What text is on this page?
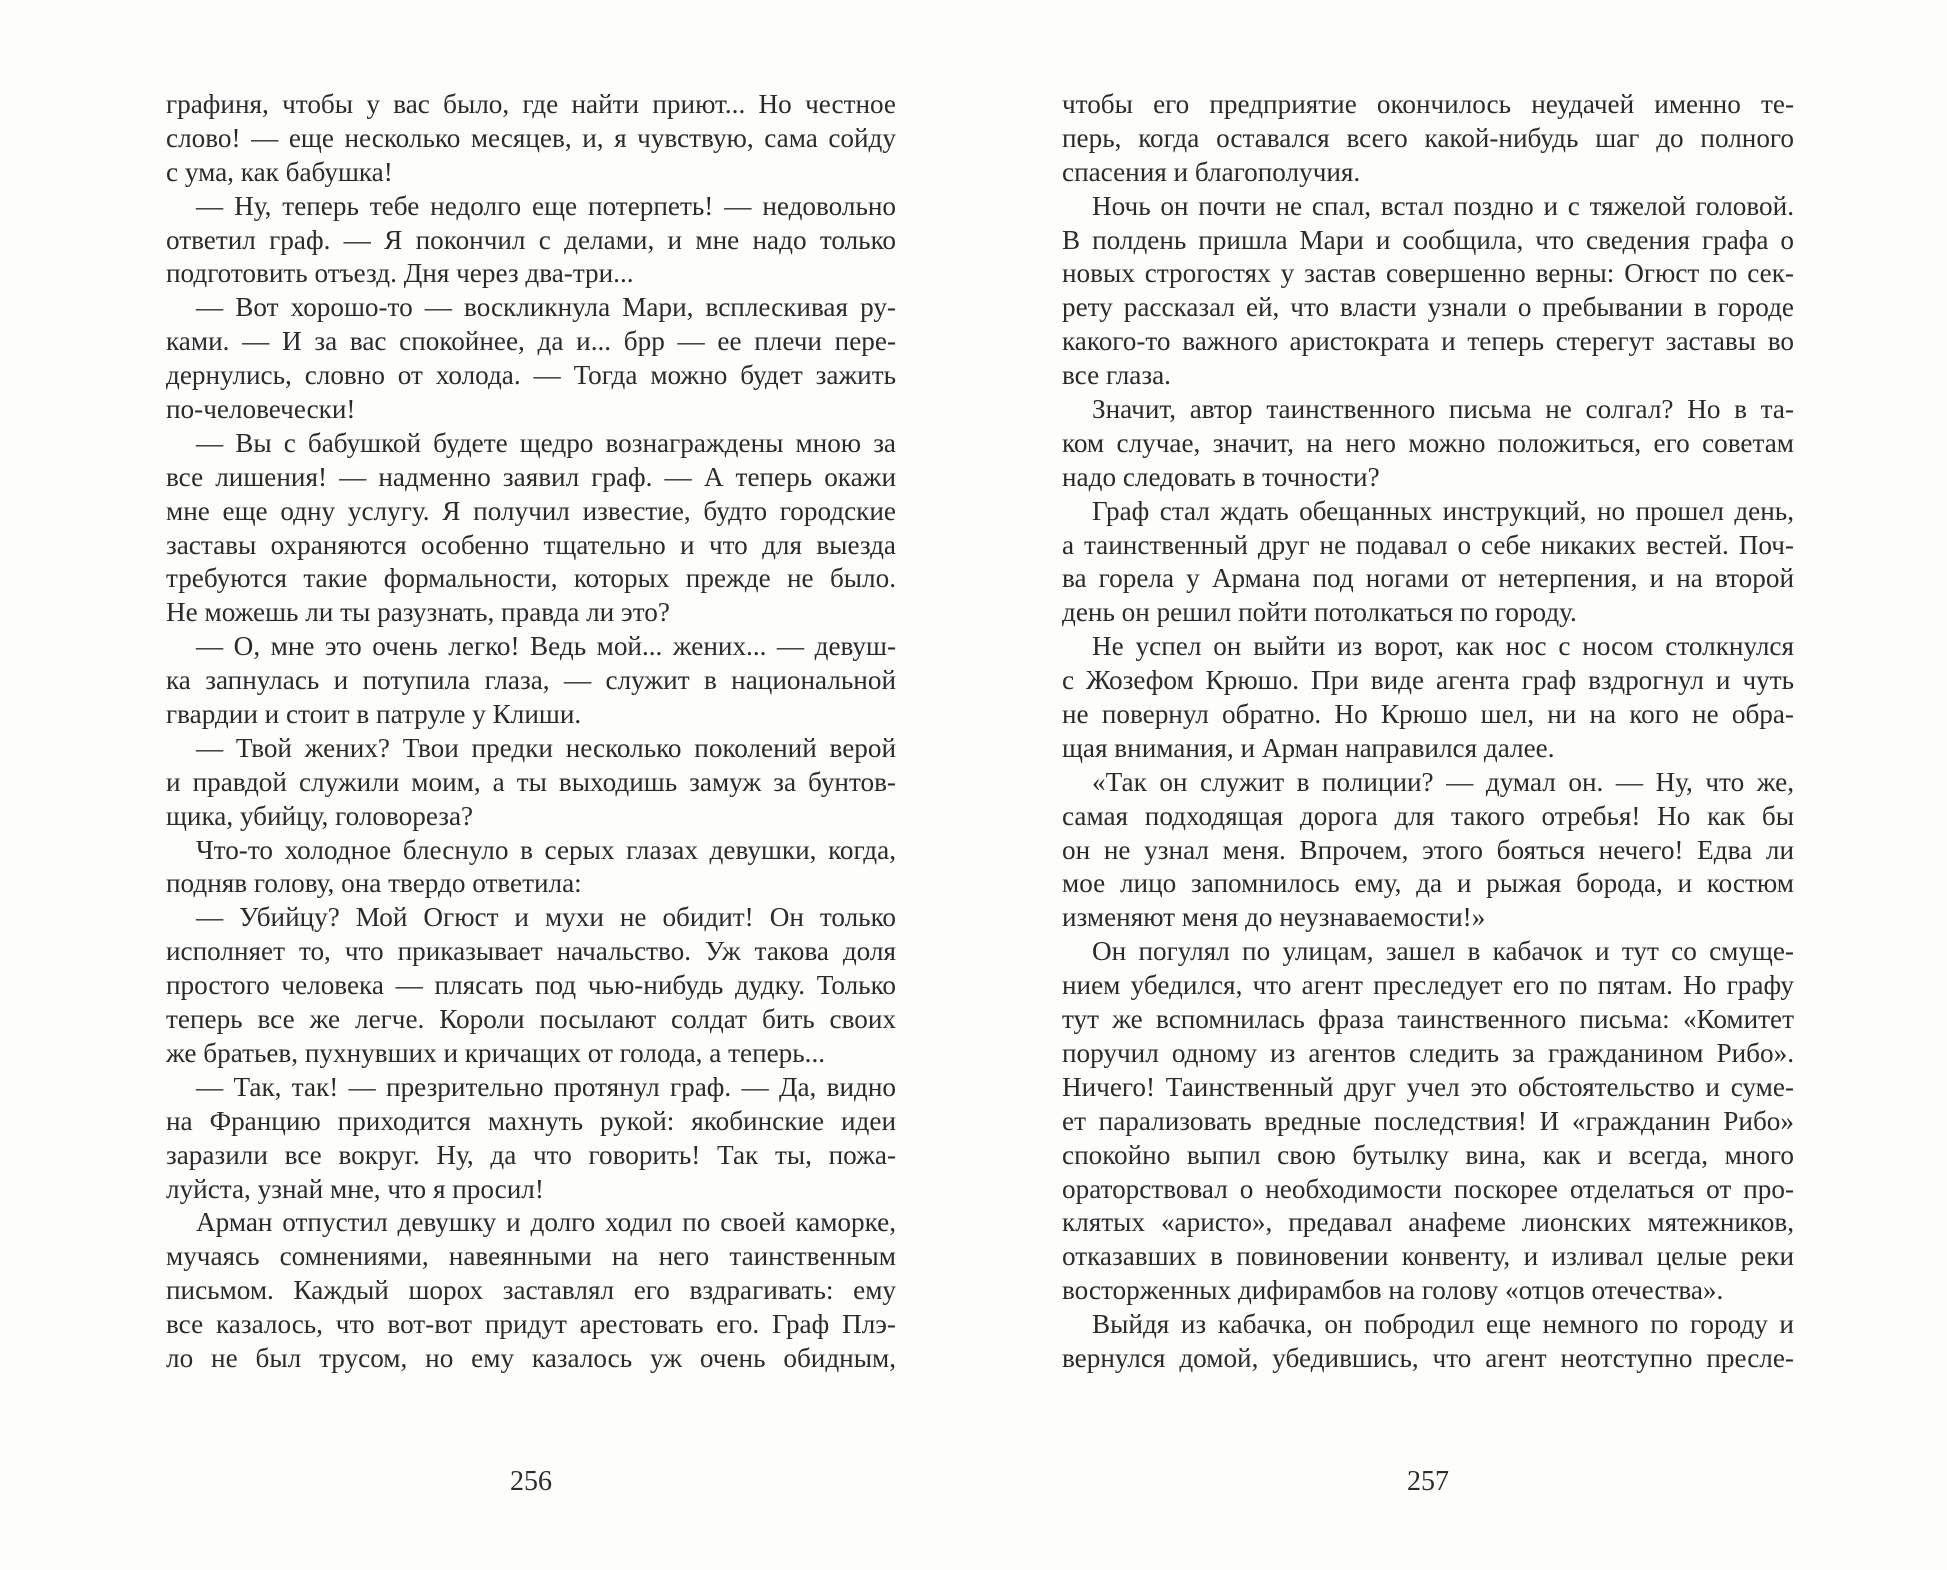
графиня, чтобы у вас было, где найти приют... Но честное
слово! — еще несколько месяцев, и, я чувствую, сама сойду
с ума, как бабушка!
— Ну, теперь тебе недолго еще потерпеть! — недовольно
ответил граф. — Я покончил с делами, и мне надо только
подготовить отъезд. Дня через два-три...
— Вот хорошо-то — воскликнула Мари, всплескивая ру-
ками. — И за вас спокойнее, да и... брр — ее плечи пере-
дернулись, словно от холода. — Тогда можно будет зажить
по-человечески!
— Вы с бабушкой будете щедро вознаграждены мною за
все лишения! — надменно заявил граф. — А теперь окажи
мне еще одну услугу. Я получил известие, будто городские
заставы охраняются особенно тщательно и что для выезда
требуются такие формальности, которых прежде не было.
Не можешь ли ты разузнать, правда ли это?
— О, мне это очень легко! Ведь мой... жених... — девуш-
ка запнулась и потупила глаза, — служит в национальной
гвардии и стоит в патруле у Клиши.
— Твой жених? Твои предки несколько поколений верой
и правдой служили моим, а ты выходишь замуж за бунтов-
щика, убийцу, головореза?
Что-то холодное блеснуло в серых глазах девушки, когда,
подняв голову, она твердо ответила:
— Убийцу? Мой Огюст и мухи не обидит! Он только
исполняет то, что приказывает начальство. Уж такова доля
простого человека — плясать под чью-нибудь дудку. Только
теперь все же легче. Короли посылают солдат бить своих
же братьев, пухнувших и кричащих от голода, а теперь...
— Так, так! — презрительно протянул граф. — Да, видно
на Францию приходится махнуть рукой: якобинские идеи
заразили все вокруг. Ну, да что говорить! Так ты, пожа-
луйста, узнай мне, что я просил!
Арман отпустил девушку и долго ходил по своей каморке,
мучаясь сомнениями, навеянными на него таинственным
письмом. Каждый шорох заставлял его вздрагивать: ему
все казалось, что вот-вот придут арестовать его. Граф Плэ-
ло не был трусом, но ему казалось уж очень обидным,
256
чтобы его предприятие окончилось неудачей именно те-
перь, когда оставался всего какой-нибудь шаг до полного
спасения и благополучия.
Ночь он почти не спал, встал поздно и с тяжелой головой.
В полдень пришла Мари и сообщила, что сведения графа о
новых строгостях у застав совершенно верны: Огюст по сек-
рету рассказал ей, что власти узнали о пребывании в городе
какого-то важного аристократа и теперь стерегут заставы во
все глаза.
Значит, автор таинственного письма не солгал? Но в та-
ком случае, значит, на него можно положиться, его советам
надо следовать в точности?
Граф стал ждать обещанных инструкций, но прошел день,
а таинственный друг не подавал о себе никаких вестей. Поч-
ва горела у Армана под ногами от нетерпения, и на второй
день он решил пойти потолкаться по городу.
Не успел он выйти из ворот, как нос с носом столкнулся
с Жозефом Крюшо. При виде агента граф вздрогнул и чуть
не повернул обратно. Но Крюшо шел, ни на кого не обра-
щая внимания, и Арман направился далее.
«Так он служит в полиции? — думал он. — Ну, что же,
самая подходящая дорога для такого отребья! Но как бы
он не узнал меня. Впрочем, этого бояться нечего! Едва ли
мое лицо запомнилось ему, да и рыжая борода, и костюм
изменяют меня до неузнаваемости!»
Он погулял по улицам, зашел в кабачок и тут со смуще-
нием убедился, что агент преследует его по пятам. Но графу
тут же вспомнилась фраза таинственного письма: «Комитет
поручил одному из агентов следить за гражданином Рибо».
Ничего! Таинственный друг учел это обстоятельство и суме-
ет парализовать вредные последствия! И «гражданин Рибо»
спокойно выпил свою бутылку вина, как и всегда, много
ораторствовал о необходимости поскорее отделаться от про-
клятых «аристо», предавал анафеме лионских мятежников,
отказавших в повиновении конвенту, и изливал целые реки
восторженных дифирамбов на голову «отцов отечества».
Выйдя из кабачка, он побродил еще немного по городу и
вернулся домой, убедившись, что агент неотступно пресле-
257
